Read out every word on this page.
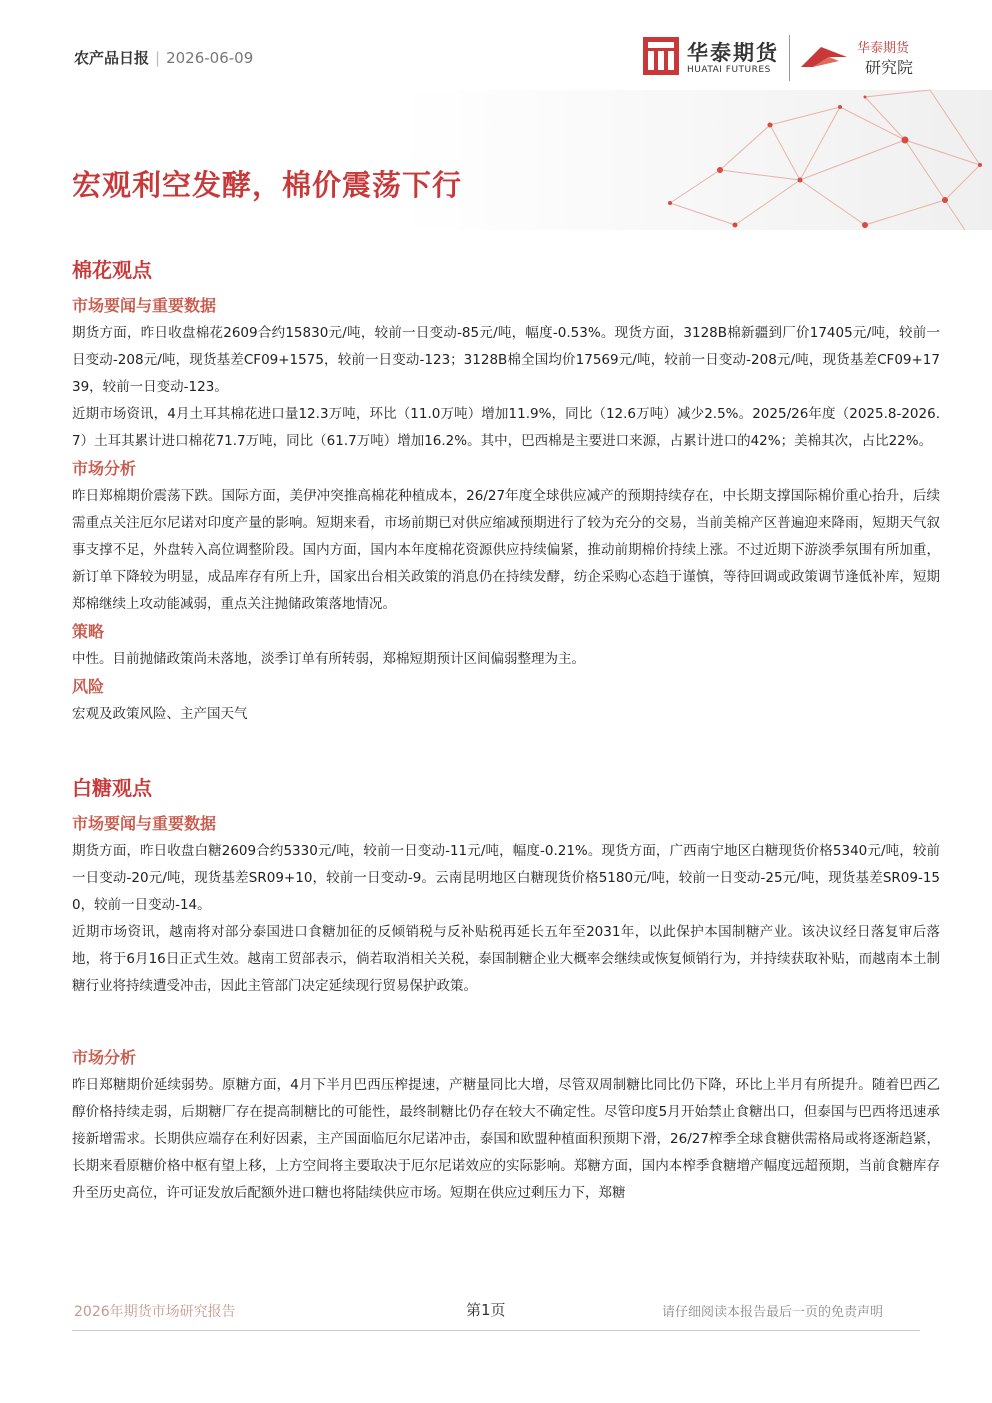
农产品日报 | 2026-06-09	华泰期货
HUATAI FUTURES
华泰期货
研究院
宏观利空发酵，棉价震荡下行
棉花观点
市场要闻与重要数据

期货方面，昨日收盘棉花2609合约15830元/吨，较前一日变动-85元/吨，幅度-0.53%。现货方面，3128B棉新疆到厂价17405元/吨，较前一日变动-208元/吨，现货基差CF09+1575，较前一日变动-123；3128B棉全国均价17569元/吨，较前一日变动-208元/吨，现货基差CF09+1739，较前一日变动-123。

近期市场资讯，4月土耳其棉花进口量12.3万吨，环比（11.0万吨）增加11.9%，同比（12.6万吨）减少2.5%。2025/26年度（2025.8-2026.7）土耳其累计进口棉花71.7万吨，同比（61.7万吨）增加16.2%。其中，巴西棉是主要进口来源，占累计进口的42%；美棉其次，占比22%。

市场分析

昨日郑棉期价震荡下跌。国际方面，美伊冲突推高棉花种植成本，26/27年度全球供应减产的预期持续存在，中长期支撑国际棉价重心抬升，后续需重点关注厄尔尼诺对印度产量的影响。短期来看，市场前期已对供应缩减预期进行了较为充分的交易，当前美棉产区普遍迎来降雨，短期天气叙事支撑不足，外盘转入高位调整阶段。国内方面，国内本年度棉花资源供应持续偏紧，推动前期棉价持续上涨。不过近期下游淡季氛围有所加重，新订单下降较为明显，成品库存有所上升，国家出台相关政策的消息仍在持续发酵，纺企采购心态趋于谨慎，等待回调或政策调节逢低补库，短期郑棉继续上攻动能减弱，重点关注抛储政策落地情况。

策略

中性。目前抛储政策尚未落地，淡季订单有所转弱，郑棉短期预计区间偏弱整理为主。

风险

宏观及政策风险、主产国天气

白糖观点
市场要闻与重要数据

期货方面，昨日收盘白糖2609合约5330元/吨，较前一日变动-11元/吨，幅度-0.21%。现货方面，广西南宁地区白糖现货价格5340元/吨，较前一日变动-20元/吨，现货基差SR09+10，较前一日变动-9。云南昆明地区白糖现货价格5180元/吨，较前一日变动-25元/吨，现货基差SR09-150，较前一日变动-14。

近期市场资讯，越南将对部分泰国进口食糖加征的反倾销税与反补贴税再延长五年至2031年，以此保护本国制糖产业。该决议经日落复审后落地，将于6月16日正式生效。越南工贸部表示，倘若取消相关关税，泰国制糖企业大概率会继续或恢复倾销行为，并持续获取补贴，而越南本土制糖行业将持续遭受冲击，因此主管部门决定延续现行贸易保护政策。

市场分析

昨日郑糖期价延续弱势。原糖方面，4月下半月巴西压榨提速，产糖量同比大增，尽管双周制糖比同比仍下降，环比上半月有所提升。随着巴西乙醇价格持续走弱，后期糖厂存在提高制糖比的可能性，最终制糖比仍存在较大不确定性。尽管印度5月开始禁止食糖出口，但泰国与巴西将迅速承接新增需求。长期供应端存在利好因素，主产国面临厄尔尼诺冲击，泰国和欧盟种植面积预期下滑，26/27榨季全球食糖供需格局或将逐渐趋紧，长期来看原糖价格中枢有望上移，上方空间将主要取决于厄尔尼诺效应的实际影响。郑糖方面，国内本榨季食糖增产幅度远超预期，当前食糖库存升至历史高位，许可证发放后配额外进口糖也将陆续供应市场。短期在供应过剩压力下，郑糖

2026年期货市场研究报告	第1页	请仔细阅读本报告最后一页的免责声明
